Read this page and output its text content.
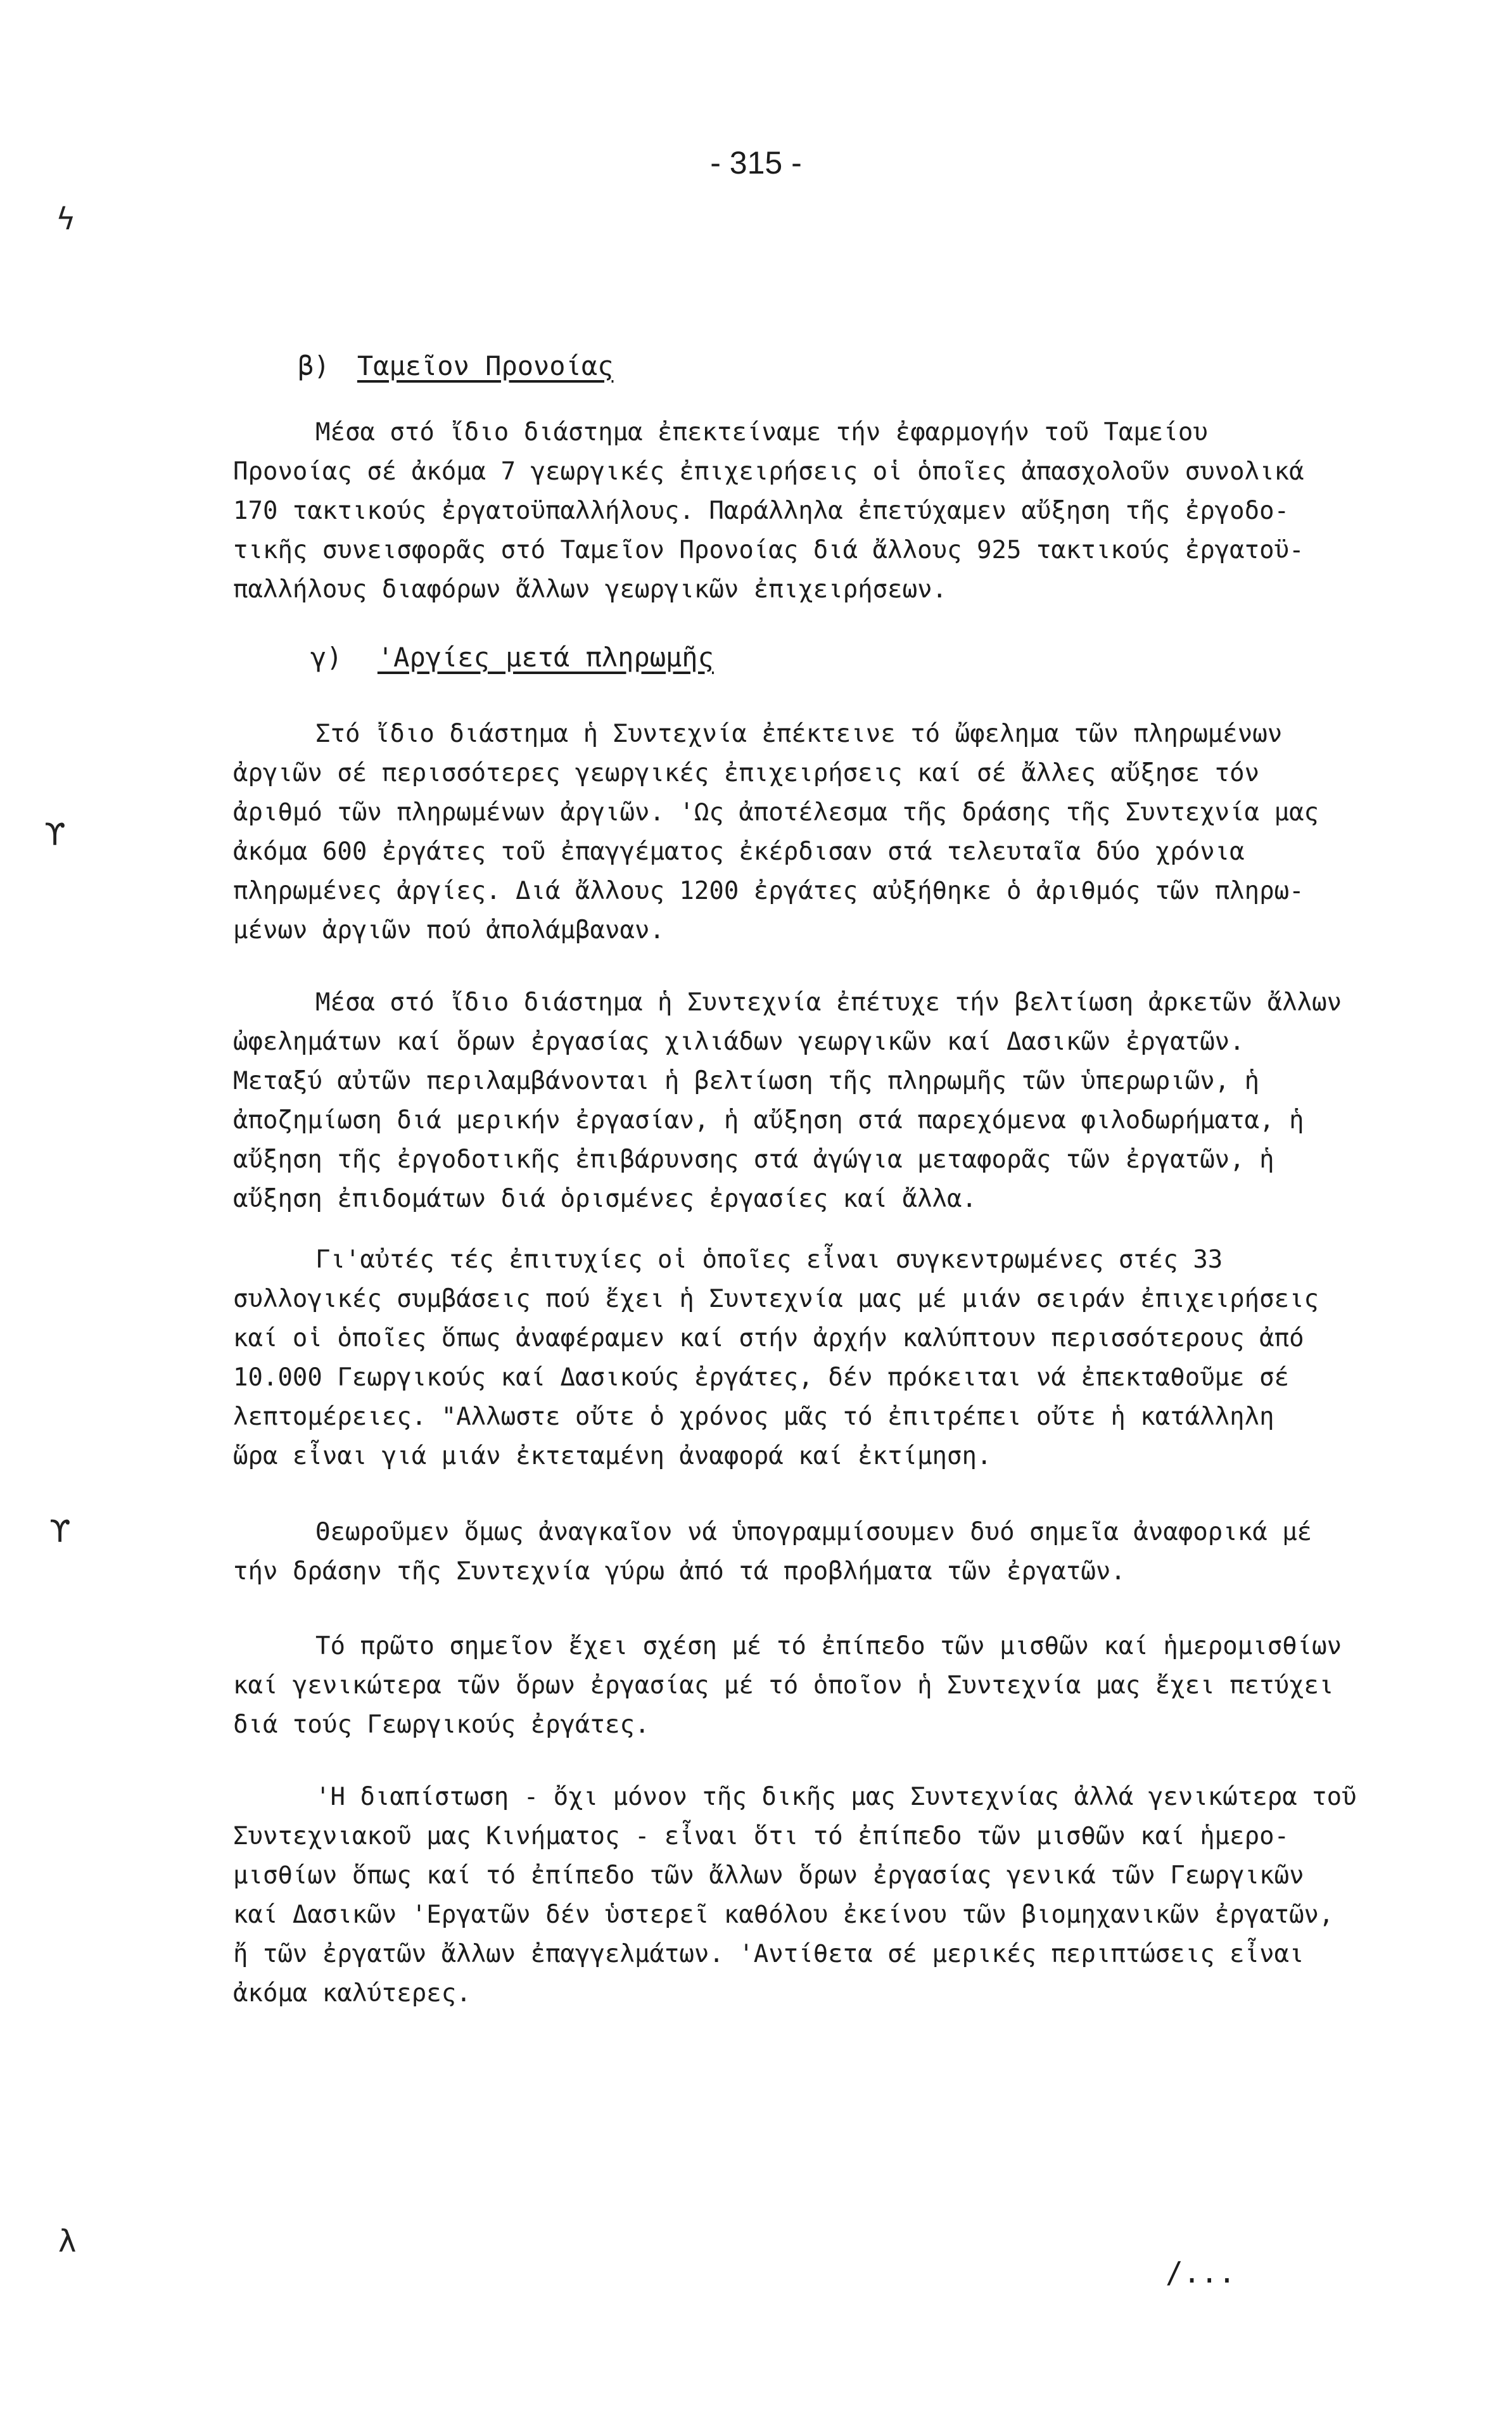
- 315 -
ϟ
ϒ
ϒ
λ
β) Ταμεῖον Προνοίας
Μέσα στό ἴδιο διάστημα ἐπεκτείναμε τήν ἐφαρμογήν τοῦ Ταμείου
Προνοίας σέ ἀκόμα 7 γεωργικές ἐπιχειρήσεις οἱ ὁποῖες ἀπασχολοῦν συνολικά
170 τακτικούς ἐργατοϋπαλλήλους. Παράλληλα ἐπετύχαμεν αὔξηση τῆς ἐργοδο-
τικῆς συνεισφορᾶς στό Ταμεῖον Προνοίας διά ἄλλους 925 τακτικούς ἐργατοϋ-
παλλήλους διαφόρων ἄλλων γεωργικῶν ἐπιχειρήσεων.
γ) 'Αργίες μετά πληρωμῆς
Στό ἴδιο διάστημα ἡ Συντεχνία ἐπέκτεινε τό ὤφελημα τῶν πληρωμένων
ἀργιῶν σέ περισσότερες γεωργικές ἐπιχειρήσεις καί σέ ἄλλες αὔξησε τόν
ἀριθμό τῶν πληρωμένων ἀργιῶν. 'Ως ἀποτέλεσμα τῆς δράσης τῆς Συντεχνία μας
ἀκόμα 600 ἐργάτες τοῦ ἐπαγγέματος ἐκέρδισαν στά τελευταῖα δύο χρόνια
πληρωμένες ἀργίες. Διά ἄλλους 1200 ἐργάτες αὐξήθηκε ὁ ἀριθμός τῶν πληρω-
μένων ἀργιῶν πού ἀπολάμβαναν.
Μέσα στό ἴδιο διάστημα ἡ Συντεχνία ἐπέτυχε τήν βελτίωση ἀρκετῶν ἄλλων
ὠφελημάτων καί ὅρων ἐργασίας χιλιάδων γεωργικῶν καί Δασικῶν ἐργατῶν.
Μεταξύ αὐτῶν περιλαμβάνονται ἡ βελτίωση τῆς πληρωμῆς τῶν ὑπερωριῶν, ἡ
ἀποζημίωση διά μερικήν ἐργασίαν, ἡ αὔξηση στά παρεχόμενα φιλοδωρήματα, ἡ
αὔξηση τῆς ἐργοδοτικῆς ἐπιβάρυνσης στά ἀγώγια μεταφορᾶς τῶν ἐργατῶν, ἡ
αὔξηση ἐπιδομάτων διά ὁρισμένες ἐργασίες καί ἄλλα.
Γι'αὐτές τές ἐπιτυχίες οἱ ὁποῖες εἶναι συγκεντρωμένες στές 33
συλλογικές συμβάσεις πού ἔχει ἡ Συντεχνία μας μέ μιάν σειράν ἐπιχειρήσεις
καί οἱ ὁποῖες ὅπως ἀναφέραμεν καί στήν ἀρχήν καλύπτουν περισσότερους ἀπό
10.000 Γεωργικούς καί Δασικούς ἐργάτες, δέν πρόκειται νά ἐπεκταθοῦμε σέ
λεπτομέρειες. "Αλλωστε οὔτε ὁ χρόνος μᾶς τό ἐπιτρέπει οὔτε ἡ κατάλληλη
ὥρα εἶναι γιά μιάν ἐκτεταμένη ἀναφορά καί ἐκτίμηση.
Θεωροῦμεν ὅμως ἀναγκαῖον νά ὑπογραμμίσουμεν δυό σημεῖα ἀναφορικά μέ
τήν δράσην τῆς Συντεχνία γύρω ἀπό τά προβλήματα τῶν ἐργατῶν.
Τό πρῶτο σημεῖον ἔχει σχέση μέ τό ἐπίπεδο τῶν μισθῶν καί ἡμερομισθίων
καί γενικώτερα τῶν ὅρων ἐργασίας μέ τό ὁποῖον ἡ Συντεχνία μας ἔχει πετύχει
διά τούς Γεωργικούς ἐργάτες.
'Η διαπίστωση - ὄχι μόνον τῆς δικῆς μας Συντεχνίας ἀλλά γενικώτερα τοῦ
Συντεχνιακοῦ μας Κινήματος - εἶναι ὅτι τό ἐπίπεδο τῶν μισθῶν καί ἡμερο-
μισθίων ὅπως καί τό ἐπίπεδο τῶν ἄλλων ὅρων ἐργασίας γενικά τῶν Γεωργικῶν
καί Δασικῶν 'Εργατῶν δέν ὑστερεῖ καθόλου ἐκείνου τῶν βιομηχανικῶν ἐργατῶν,
ἤ τῶν ἐργατῶν ἄλλων ἐπαγγελμάτων. 'Αντίθετα σέ μερικές περιπτώσεις εἶναι
ἀκόμα καλύτερες.
/...
